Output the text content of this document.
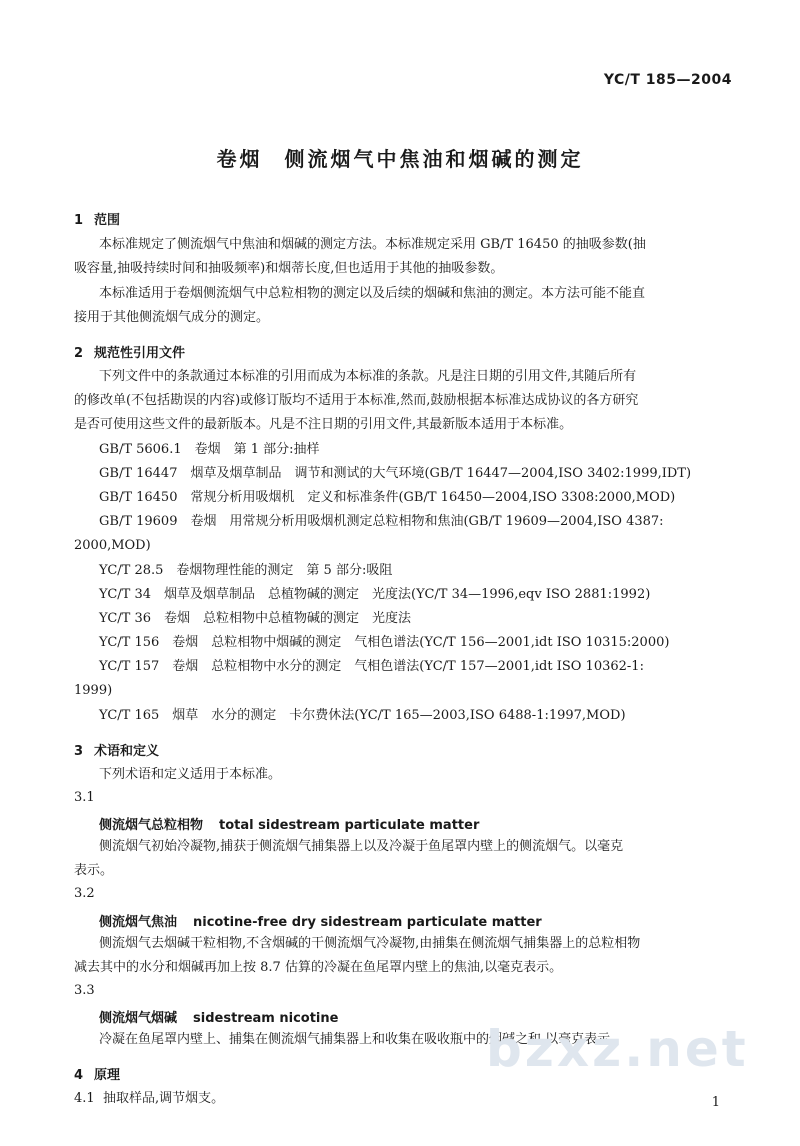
YC/T 185—2004
卷烟 侧流烟气中焦油和烟碱的测定
1 范围
本标准规定了侧流烟气中焦油和烟碱的测定方法。本标准规定采用 GB/T 16450 的抽吸参数(抽
吸容量,抽吸持续时间和抽吸频率)和烟蒂长度,但也适用于其他的抽吸参数。
本标准适用于卷烟侧流烟气中总粒相物的测定以及后续的烟碱和焦油的测定。本方法可能不能直
接用于其他侧流烟气成分的测定。
2 规范性引用文件
下列文件中的条款通过本标准的引用而成为本标准的条款。凡是注日期的引用文件,其随后所有
的修改单(不包括勘误的内容)或修订版均不适用于本标准,然而,鼓励根据本标准达成协议的各方研究
是否可使用这些文件的最新版本。凡是不注日期的引用文件,其最新版本适用于本标准。
GB/T 5606.1　卷烟　第 1 部分:抽样
GB/T 16447　烟草及烟草制品　调节和测试的大气环境(GB/T 16447—2004,ISO 3402:1999,IDT)
GB/T 16450　常规分析用吸烟机　定义和标准条件(GB/T 16450—2004,ISO 3308:2000,MOD)
GB/T 19609　卷烟　用常规分析用吸烟机测定总粒相物和焦油(GB/T 19609—2004,ISO 4387:
2000,MOD)
YC/T 28.5　卷烟物理性能的测定　第 5 部分:吸阻
YC/T 34　烟草及烟草制品　总植物碱的测定　光度法(YC/T 34—1996,eqv ISO 2881:1992)
YC/T 36　卷烟　总粒相物中总植物碱的测定　光度法
YC/T 156　卷烟　总粒相物中烟碱的测定　气相色谱法(YC/T 156—2001,idt ISO 10315:2000)
YC/T 157　卷烟　总粒相物中水分的测定　气相色谱法(YC/T 157—2001,idt ISO 10362-1:
1999)
YC/T 165　烟草　水分的测定　卡尔费休法(YC/T 165—2003,ISO 6488-1:1997,MOD)
3 术语和定义
下列术语和定义适用于本标准。
3.1
侧流烟气总粒相物 total sidestream particulate matter
侧流烟气初始冷凝物,捕获于侧流烟气捕集器上以及冷凝于鱼尾罩内壁上的侧流烟气。以毫克
表示。
3.2
侧流烟气焦油 nicotine-free dry sidestream particulate matter
侧流烟气去烟碱干粒相物,不含烟碱的干侧流烟气冷凝物,由捕集在侧流烟气捕集器上的总粒相物
减去其中的水分和烟碱再加上按 8.7 估算的冷凝在鱼尾罩内壁上的焦油,以毫克表示。
3.3
侧流烟气烟碱 sidestream nicotine
冷凝在鱼尾罩内壁上、捕集在侧流烟气捕集器上和收集在吸收瓶中的烟碱之和,以毫克表示。
4 原理
4.1 抽取样品,调节烟支。	1
bzxz.net
